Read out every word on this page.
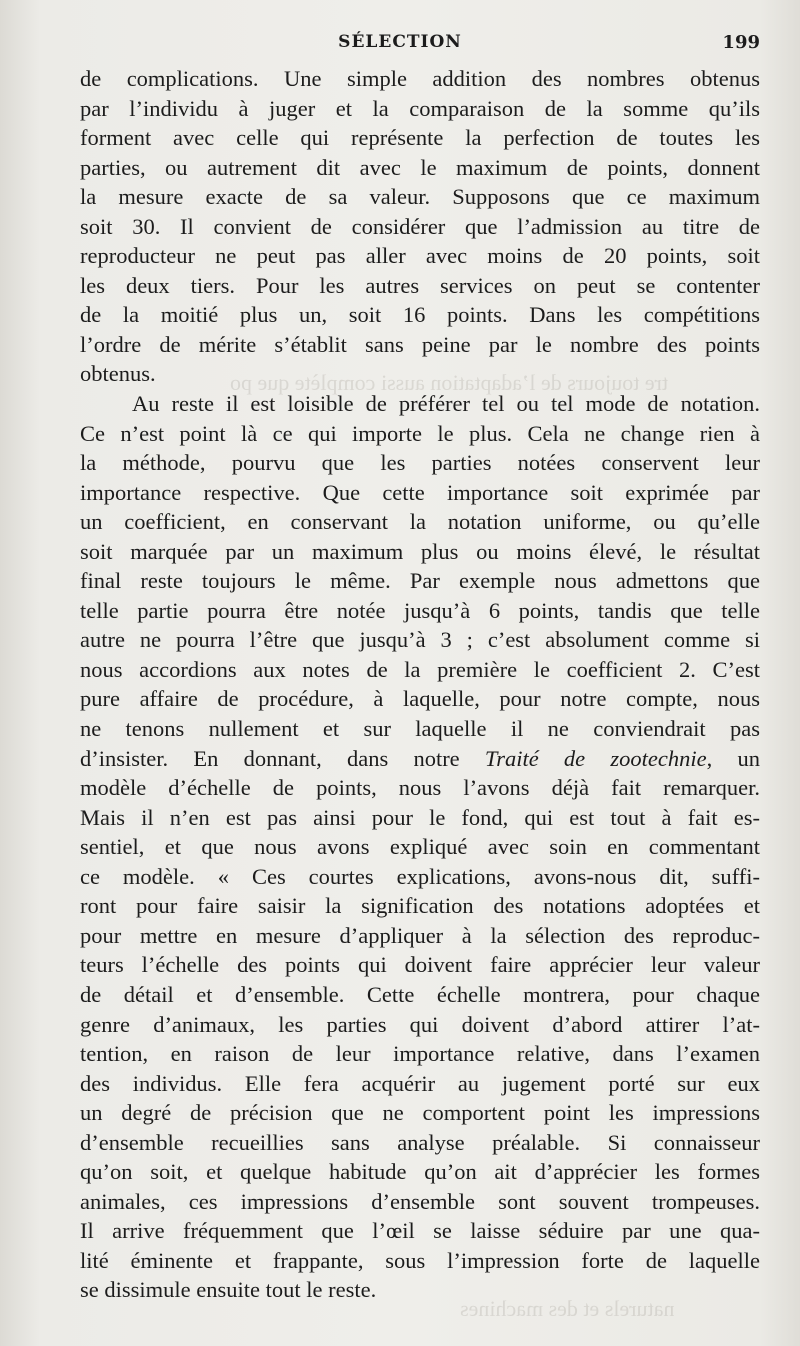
tre toujours de l’adaptation aussi complète que po
naturels et des machines
SÉLECTION	199
de complications. Une simple addition des nombres obtenus
par l’individu à juger et la comparaison de la somme qu’ils
forment avec celle qui représente la perfection de toutes les
parties, ou autrement dit avec le maximum de points, donnent
la mesure exacte de sa valeur. Supposons que ce maximum
soit 30. Il convient de considérer que l’admission au titre de
reproducteur ne peut pas aller avec moins de 20 points, soit
les deux tiers. Pour les autres services on peut se contenter
de la moitié plus un, soit 16 points. Dans les compétitions
l’ordre de mérite s’établit sans peine par le nombre des points
obtenus.
Au reste il est loisible de préférer tel ou tel mode de notation.
Ce n’est point là ce qui importe le plus. Cela ne change rien à
la méthode, pourvu que les parties notées conservent leur
importance respective. Que cette importance soit exprimée par
un coefficient, en conservant la notation uniforme, ou qu’elle
soit marquée par un maximum plus ou moins élevé, le résultat
final reste toujours le même. Par exemple nous admettons que
telle partie pourra être notée jusqu’à 6 points, tandis que telle
autre ne pourra l’être que jusqu’à 3 ; c’est absolument comme si
nous accordions aux notes de la première le coefficient 2. C’est
pure affaire de procédure, à laquelle, pour notre compte, nous
ne tenons nullement et sur laquelle il ne conviendrait pas
d’insister. En donnant, dans notre Traité de zootechnie, un
modèle d’échelle de points, nous l’avons déjà fait remarquer.
Mais il n’en est pas ainsi pour le fond, qui est tout à fait es-
sentiel, et que nous avons expliqué avec soin en commentant
ce modèle. « Ces courtes explications, avons-nous dit, suffi-
ront pour faire saisir la signification des notations adoptées et
pour mettre en mesure d’appliquer à la sélection des reproduc-
teurs l’échelle des points qui doivent faire apprécier leur valeur
de détail et d’ensemble. Cette échelle montrera, pour chaque
genre d’animaux, les parties qui doivent d’abord attirer l’at-
tention, en raison de leur importance relative, dans l’examen
des individus. Elle fera acquérir au jugement porté sur eux
un degré de précision que ne comportent point les impressions
d’ensemble recueillies sans analyse préalable. Si connaisseur
qu’on soit, et quelque habitude qu’on ait d’apprécier les formes
animales, ces impressions d’ensemble sont souvent trompeuses.
Il arrive fréquemment que l’œil se laisse séduire par une qua-
lité éminente et frappante, sous l’impression forte de laquelle
se dissimule ensuite tout le reste.
